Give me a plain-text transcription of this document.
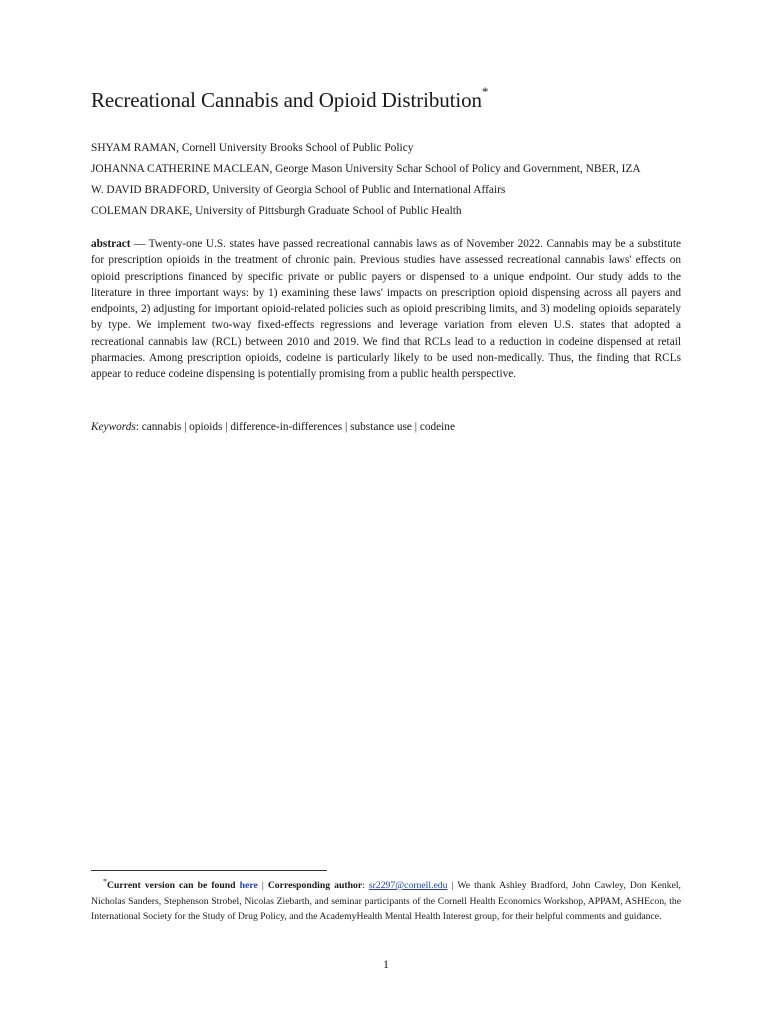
Recreational Cannabis and Opioid Distribution*
SHYAM RAMAN, Cornell University Brooks School of Public Policy
JOHANNA CATHERINE MACLEAN, George Mason University Schar School of Policy and Government, NBER, IZA
W. DAVID BRADFORD, University of Georgia School of Public and International Affairs
COLEMAN DRAKE, University of Pittsburgh Graduate School of Public Health

abstract — Twenty-one U.S. states have passed recreational cannabis laws as of November 2022. Cannabis may be a substitute for prescription opioids in the treatment of chronic pain. Previous studies have assessed recreational cannabis laws' effects on opioid prescriptions financed by specific private or public payers or dispensed to a unique endpoint. Our study adds to the literature in three important ways: by 1) examining these laws' impacts on prescription opioid dispensing across all payers and endpoints, 2) adjusting for important opioid-related policies such as opioid prescribing limits, and 3) modeling opioids separately by type. We implement two-way fixed-effects regressions and leverage variation from eleven U.S. states that adopted a recreational cannabis law (RCL) between 2010 and 2019. We find that RCLs lead to a reduction in codeine dispensed at retail pharmacies. Among prescription opioids, codeine is particularly likely to be used non-medically. Thus, the finding that RCLs appear to reduce codeine dispensing is potentially promising from a public health perspective.

Keywords: cannabis | opioids | difference-in-differences | substance use | codeine

*Current version can be found here | Corresponding author: sr2297@cornell.edu | We thank Ashley Bradford, John Cawley, Don Kenkel, Nicholas Sanders, Stephenson Strobel, Nicolas Ziebarth, and seminar participants of the Cornell Health Economics Workshop, APPAM, ASHEcon, the International Society for the Study of Drug Policy, and the AcademyHealth Mental Health Interest group, for their helpful comments and guidance.

1
